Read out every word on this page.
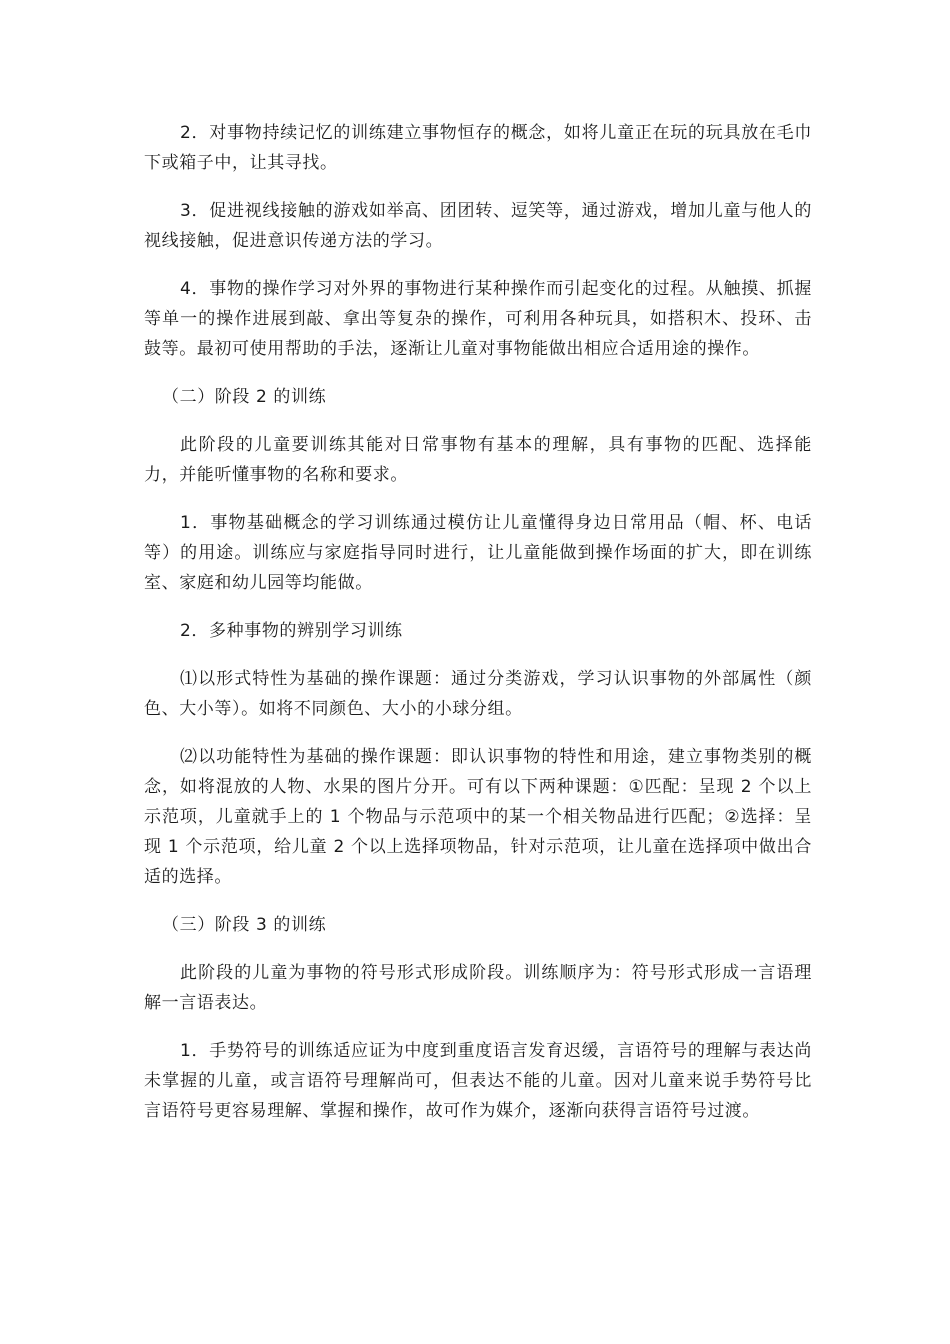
2．对事物持续记忆的训练建立事物恒存的概念，如将儿童正在玩的玩具放在毛巾下或箱子中，让其寻找。

3．促进视线接触的游戏如举高、团团转、逗笑等，通过游戏，增加儿童与他人的视线接触，促进意识传递方法的学习。

4．事物的操作学习对外界的事物进行某种操作而引起变化的过程。从触摸、抓握等单一的操作进展到敲、拿出等复杂的操作，可利用各种玩具，如搭积木、投环、击鼓等。最初可使用帮助的手法，逐渐让儿童对事物能做出相应合适用途的操作。

（二）阶段 2 的训练

此阶段的儿童要训练其能对日常事物有基本的理解，具有事物的匹配、选择能力，并能听懂事物的名称和要求。

1．事物基础概念的学习训练通过模仿让儿童懂得身边日常用品（帽、杯、电话等）的用途。训练应与家庭指导同时进行，让儿童能做到操作场面的扩大，即在训练室、家庭和幼儿园等均能做。

2．多种事物的辨别学习训练

⑴以形式特性为基础的操作课题：通过分类游戏，学习认识事物的外部属性（颜色、大小等）。如将不同颜色、大小的小球分组。

⑵以功能特性为基础的操作课题：即认识事物的特性和用途，建立事物类别的概念，如将混放的人物、水果的图片分开。可有以下两种课题：①匹配：呈现 2 个以上示范项，儿童就手上的 1 个物品与示范项中的某一个相关物品进行匹配；②选择：呈现 1 个示范项，给儿童 2 个以上选择项物品，针对示范项，让儿童在选择项中做出合适的选择。

（三）阶段 3 的训练

此阶段的儿童为事物的符号形式形成阶段。训练顺序为：符号形式形成一言语理解一言语表达。

1．手势符号的训练适应证为中度到重度语言发育迟缓，言语符号的理解与表达尚未掌握的儿童，或言语符号理解尚可，但表达不能的儿童。因对儿童来说手势符号比言语符号更容易理解、掌握和操作，故可作为媒介，逐渐向获得言语符号过渡。
